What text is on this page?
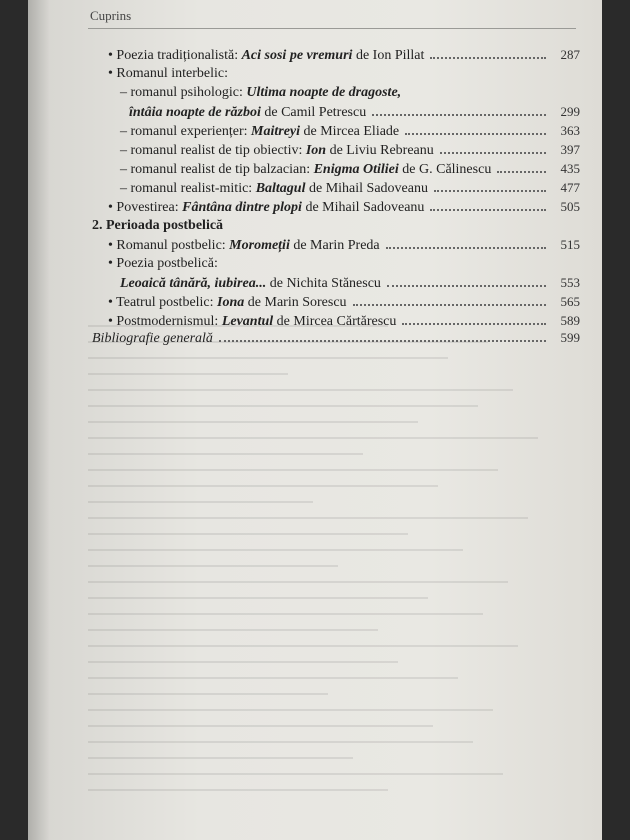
Cuprins
• Poezia tradiționalistă: Aci sosi pe vremuri de Ion Pillat	287
• Romanul interbelic:
– romanul psihologic: Ultima noapte de dragoste,
întâia noapte de război de Camil Petrescu	299
– romanul experiențer: Maitreyi de Mircea Eliade	363
– romanul realist de tip obiectiv: Ion de Liviu Rebreanu	397
– romanul realist de tip balzacian: Enigma Otiliei de G. Călinescu	435
– romanul realist-mitic: Baltagul de Mihail Sadoveanu	477
• Povestirea: Fântâna dintre plopi de Mihail Sadoveanu	505
2. Perioada postbelică
• Romanul postbelic: Moromeții de Marin Preda	515
• Poezia postbelică:
Leoaică tânără, iubirea... de Nichita Stănescu	553
• Teatrul postbelic: Iona de Marin Sorescu	565
• Postmodernismul: Levantul de Mircea Cărtărescu	589
Bibliografie generală	599
